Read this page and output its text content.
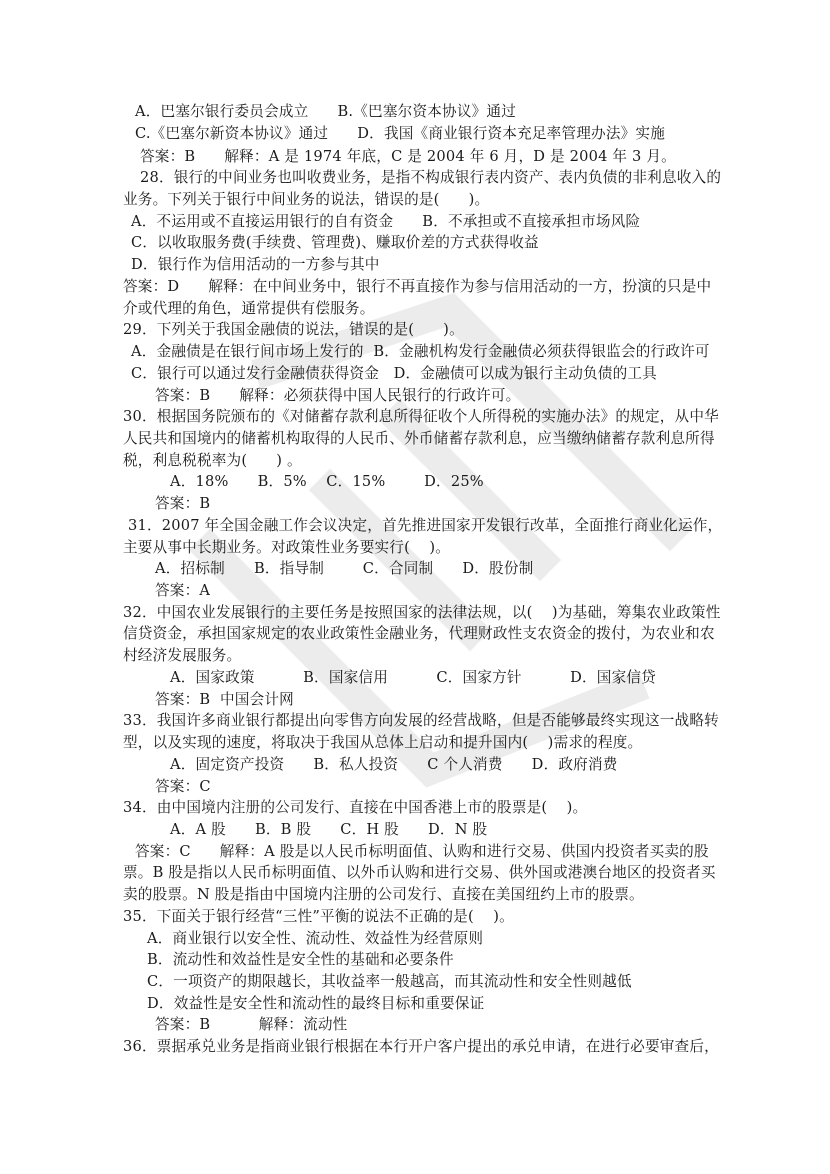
A．巴塞尔银行委员会成立      B.《巴塞尔资本协议》通过
C.《巴塞尔新资本协议》通过      D．我国《商业银行资本充足率管理办法》实施
答案：B      解释：A 是 1974 年底，C 是 2004 年 6 月，D 是 2004 年 3 月。
28．银行的中间业务也叫收费业务，是指不构成银行表内资产、表内负债的非利息收入的
业务。下列关于银行中间业务的说法，错误的是(      )。
A．不运用或不直接运用银行的自有资金      B．不承担或不直接承担市场风险
C．以收取服务费(手续费、管理费)、赚取价差的方式获得收益
D．银行作为信用活动的一方参与其中
答案：D      解释：在中间业务中，银行不再直接作为参与信用活动的一方，扮演的只是中
介或代理的角色，通常提供有偿服务。
29．下列关于我国金融债的说法，错误的是(      )。
A．金融债是在银行间市场上发行的  B．金融机构发行金融债必须获得银监会的行政许可
C．银行可以通过发行金融债获得资金   D．金融债可以成为银行主动负债的工具
答案：B      解释：必须获得中国人民银行的行政许可。
30．根据国务院颁布的《对储蓄存款利息所得征收个人所得税的实施办法》的规定，从中华
人民共和国境内的储蓄机构取得的人民币、外币储蓄存款利息，应当缴纳储蓄存款利息所得
税，利息税税率为(      ) 。
A．18%      B．5%    C．15%        D．25%
答案：B
31．2007 年全国金融工作会议决定，首先推进国家开发银行改革，全面推行商业化运作，
主要从事中长期业务。对政策性业务要实行(    )。
A．招标制      B．指导制        C．合同制      D．股份制
答案：A
32．中国农业发展银行的主要任务是按照国家的法律法规，以(    )为基础，筹集农业政策性
信贷资金，承担国家规定的农业政策性金融业务，代理财政性支农资金的拨付，为农业和农
村经济发展服务。
A．国家政策          B．国家信用          C．国家方针          D．国家信贷
答案：B  中国会计网
33．我国许多商业银行都提出向零售方向发展的经营战略，但是否能够最终实现这一战略转
型，以及实现的速度，将取决于我国从总体上启动和提升国内(    )需求的程度。
A．固定资产投资      B．私人投资      C 个人消费      D．政府消费
答案：C
34．由中国境内注册的公司发行、直接在中国香港上市的股票是(    )。
A．A 股      B．B 股      C．H 股      D．N 股
答案：C      解释：A 股是以人民币标明面值、认购和进行交易、供国内投资者买卖的股
票。B 股是指以人民币标明面值、以外币认购和进行交易、供外国或港澳台地区的投资者买
卖的股票。N 股是指由中国境内注册的公司发行、直接在美国纽约上市的股票。
35．下面关于银行经营“三性”平衡的说法不正确的是(    )。
A．商业银行以安全性、流动性、效益性为经营原则
B．流动性和效益性是安全性的基础和必要条件
C．一项资产的期限越长，其收益率一般越高，而其流动性和安全性则越低
D．效益性是安全性和流动性的最终目标和重要保证
答案：B          解释：流动性
36．票据承兑业务是指商业银行根据在本行开户客户提出的承兑申请，在进行必要审查后，
